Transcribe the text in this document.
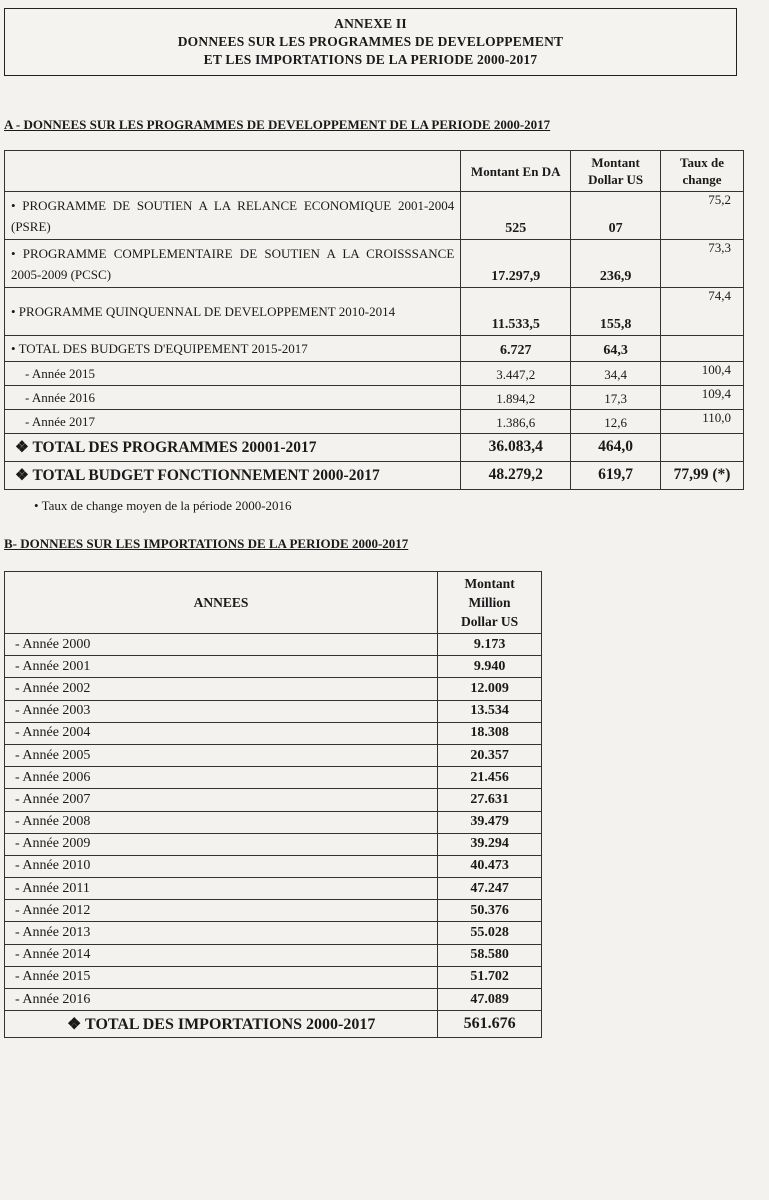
ANNEXE II
DONNEES SUR LES PROGRAMMES DE DEVELOPPEMENT
ET LES IMPORTATIONS DE LA PERIODE 2000-2017
A - DONNEES SUR LES PROGRAMMES DE DEVELOPPEMENT DE LA PERIODE 2000-2017
	Montant En DA	Montant Dollar US	Taux de change
• PROGRAMME DE SOUTIEN A LA RELANCE ECONOMIQUE 2001-2004 (PSRE)	525	07	75,2
• PROGRAMME COMPLEMENTAIRE DE SOUTIEN A LA CROISSSANCE 2005-2009 (PCSC)	17.297,9	236,9	73,3
• PROGRAMME QUINQUENNAL DE DEVELOPPEMENT 2010-2014	11.533,5	155,8	74,4
• TOTAL DES BUDGETS D'EQUIPEMENT 2015-2017	6.727	64,3	
- Année 2015	3.447,2	34,4	100,4
- Année 2016	1.894,2	17,3	109,4
- Année 2017	1.386,6	12,6	110,0
❖ TOTAL DES PROGRAMMES 20001-2017	36.083,4	464,0	
❖ TOTAL BUDGET FONCTIONNEMENT 2000-2017	48.279,2	619,7	77,99 (*)
• Taux de change moyen de la période 2000-2016
B- DONNEES SUR LES IMPORTATIONS DE LA PERIODE 2000-2017
ANNEES	Montant
Million
Dollar US

- Année 2000	9.173
- Année 2001	9.940
- Année 2002	12.009
- Année 2003	13.534
- Année 2004	18.308
- Année 2005	20.357
- Année 2006	21.456
- Année 2007	27.631
- Année 2008	39.479
- Année 2009	39.294
- Année 2010	40.473
- Année 2011	47.247
- Année 2012	50.376
- Année 2013	55.028
- Année 2014	58.580
- Année 2015	51.702
- Année 2016	47.089
❖ TOTAL DES IMPORTATIONS 2000-2017	561.676
